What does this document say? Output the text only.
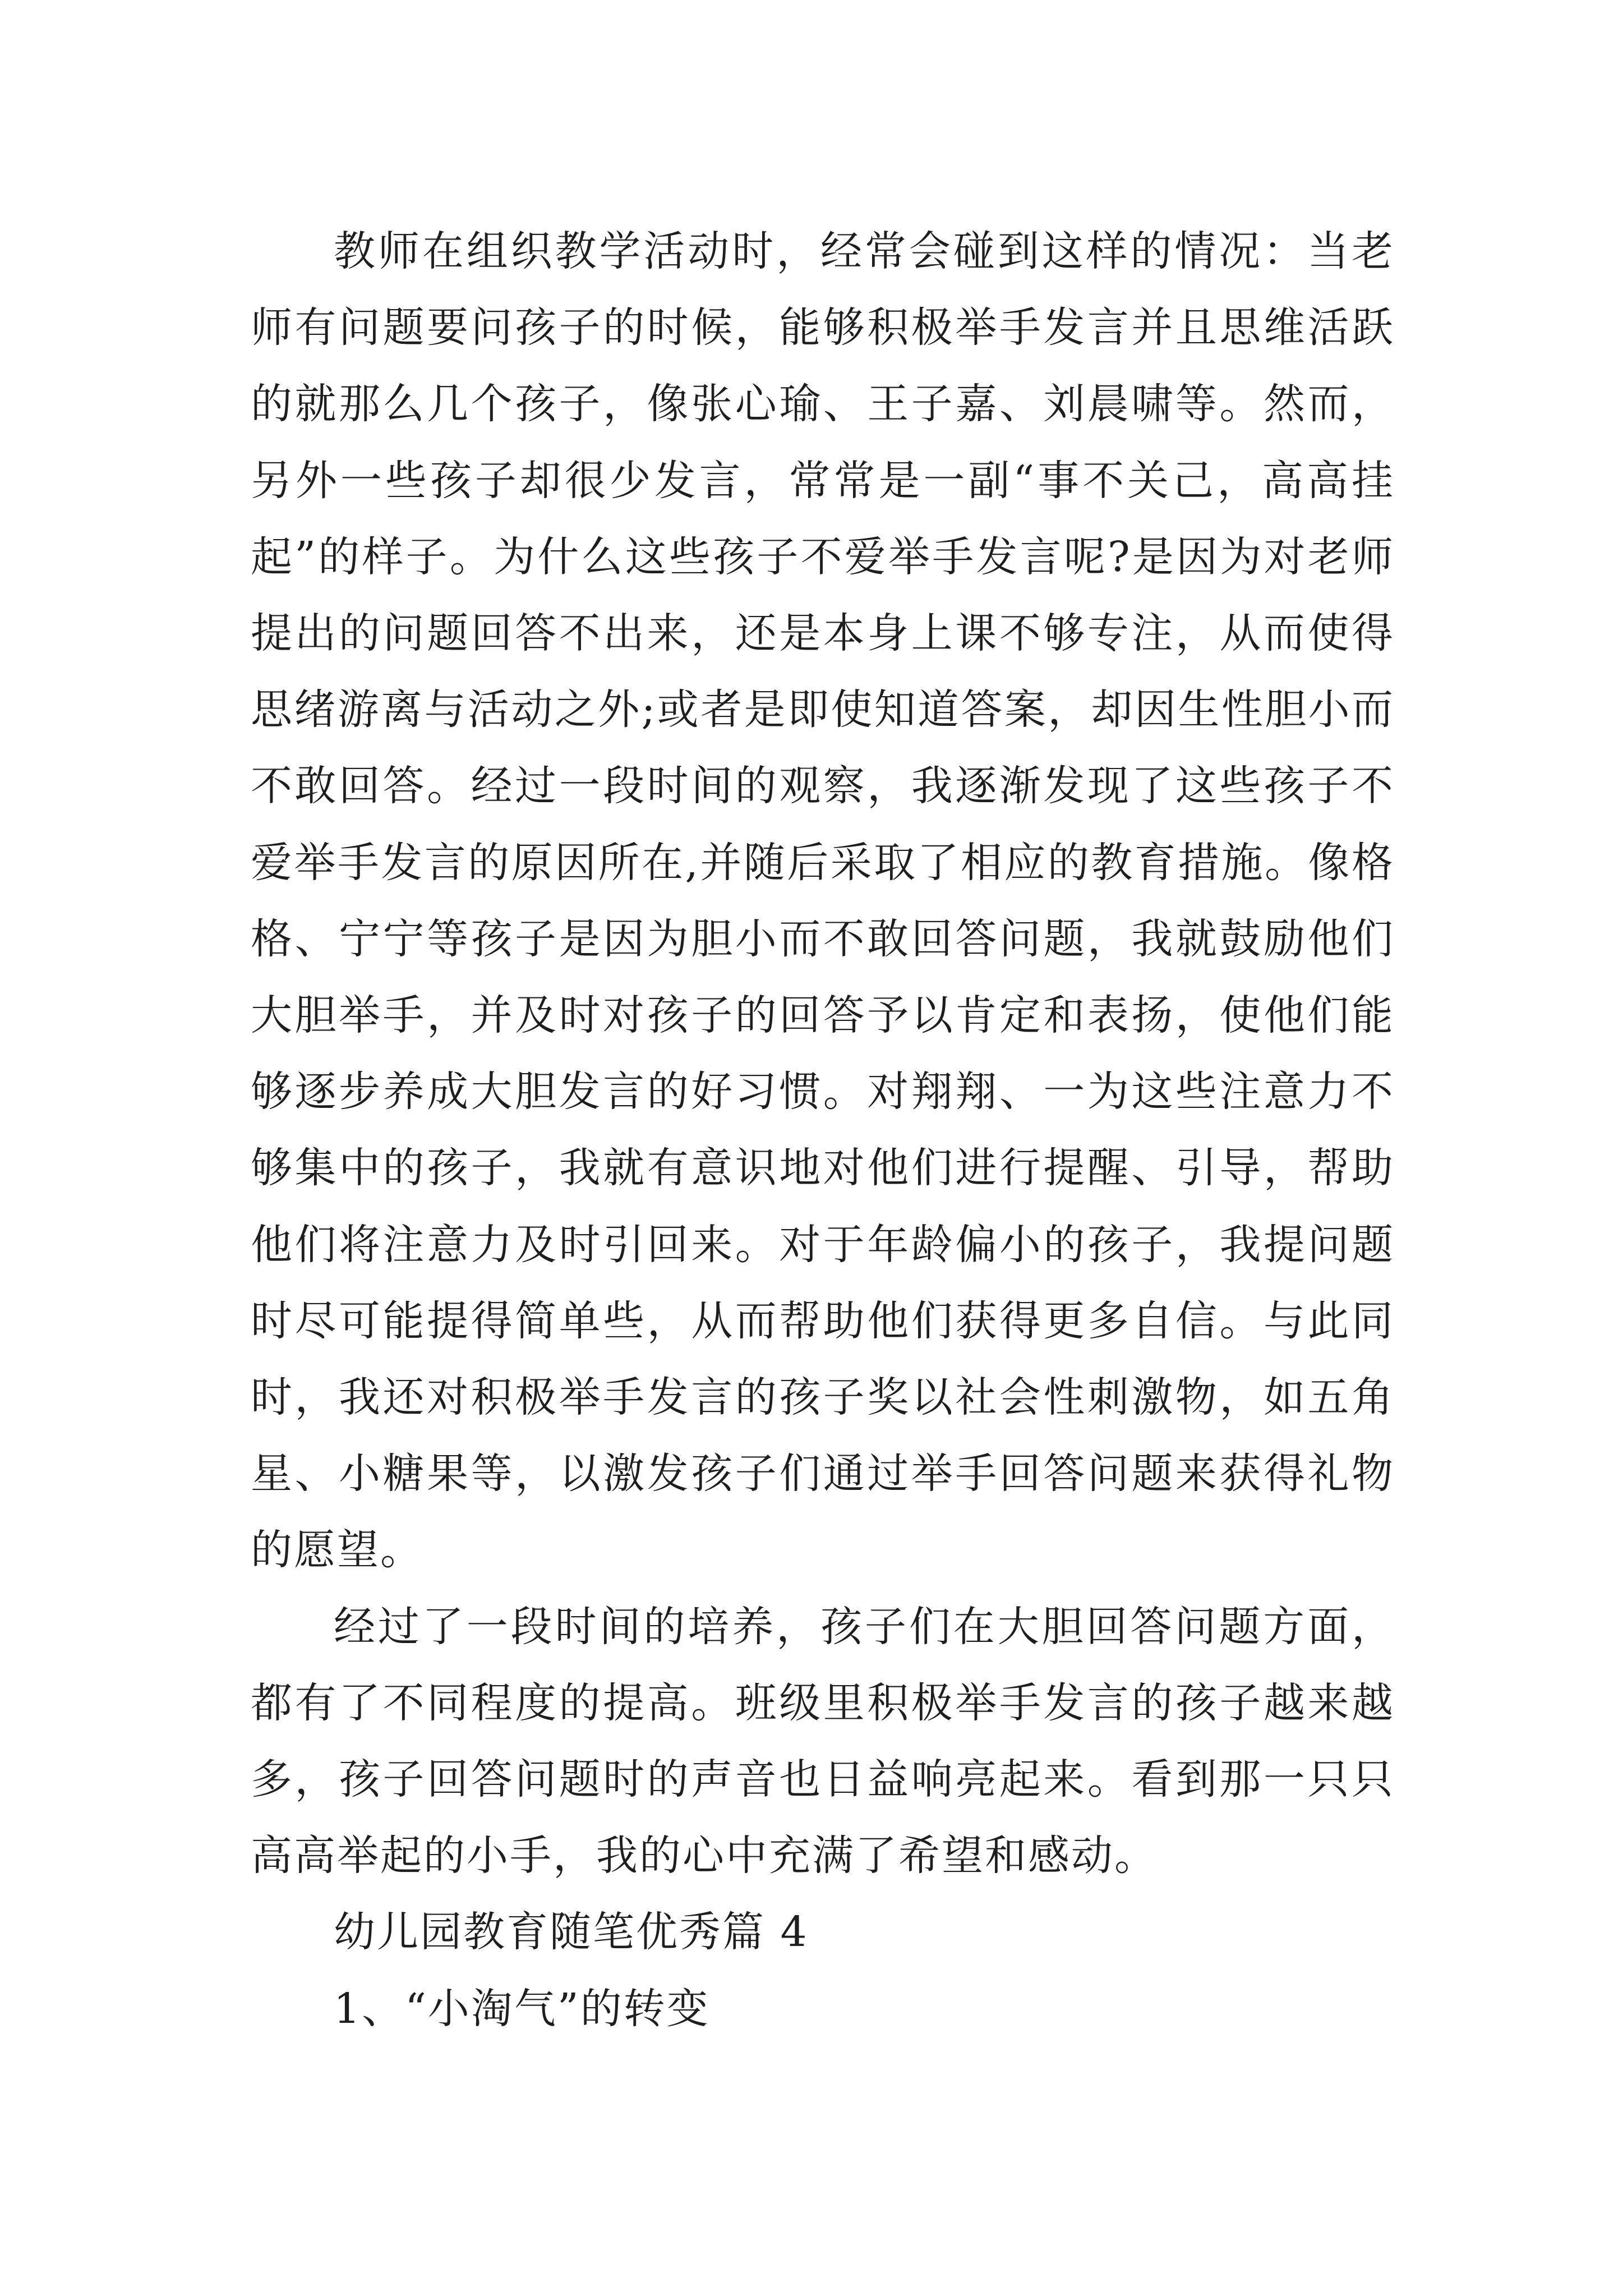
教师在组织教学活动时，经常会碰到这样的情况：当老师有问题要问孩子的时候，能够积极举手发言并且思维活跃的就那么几个孩子，像张心瑜、王子嘉、刘晨啸等。然而，另外一些孩子却很少发言，常常是一副“事不关己，高高挂起”的样子。为什么这些孩子不爱举手发言呢?是因为对老师提出的问题回答不出来，还是本身上课不够专注，从而使得思绪游离与活动之外;或者是即使知道答案，却因生性胆小而不敢回答。经过一段时间的观察，我逐渐发现了这些孩子不爱举手发言的原因所在,并随后采取了相应的教育措施。像格格、宁宁等孩子是因为胆小而不敢回答问题，我就鼓励他们大胆举手，并及时对孩子的回答予以肯定和表扬，使他们能够逐步养成大胆发言的好习惯。对翔翔、一为这些注意力不够集中的孩子，我就有意识地对他们进行提醒、引导，帮助他们将注意力及时引回来。对于年龄偏小的孩子，我提问题时尽可能提得简单些，从而帮助他们获得更多自信。与此同时，我还对积极举手发言的孩子奖以社会性刺激物，如五角星、小糖果等，以激发孩子们通过举手回答问题来获得礼物的愿望。

经过了一段时间的培养，孩子们在大胆回答问题方面，都有了不同程度的提高。班级里积极举手发言的孩子越来越多，孩子回答问题时的声音也日益响亮起来。看到那一只只高高举起的小手，我的心中充满了希望和感动。

幼儿园教育随笔优秀篇 4

1、“小淘气”的转变
